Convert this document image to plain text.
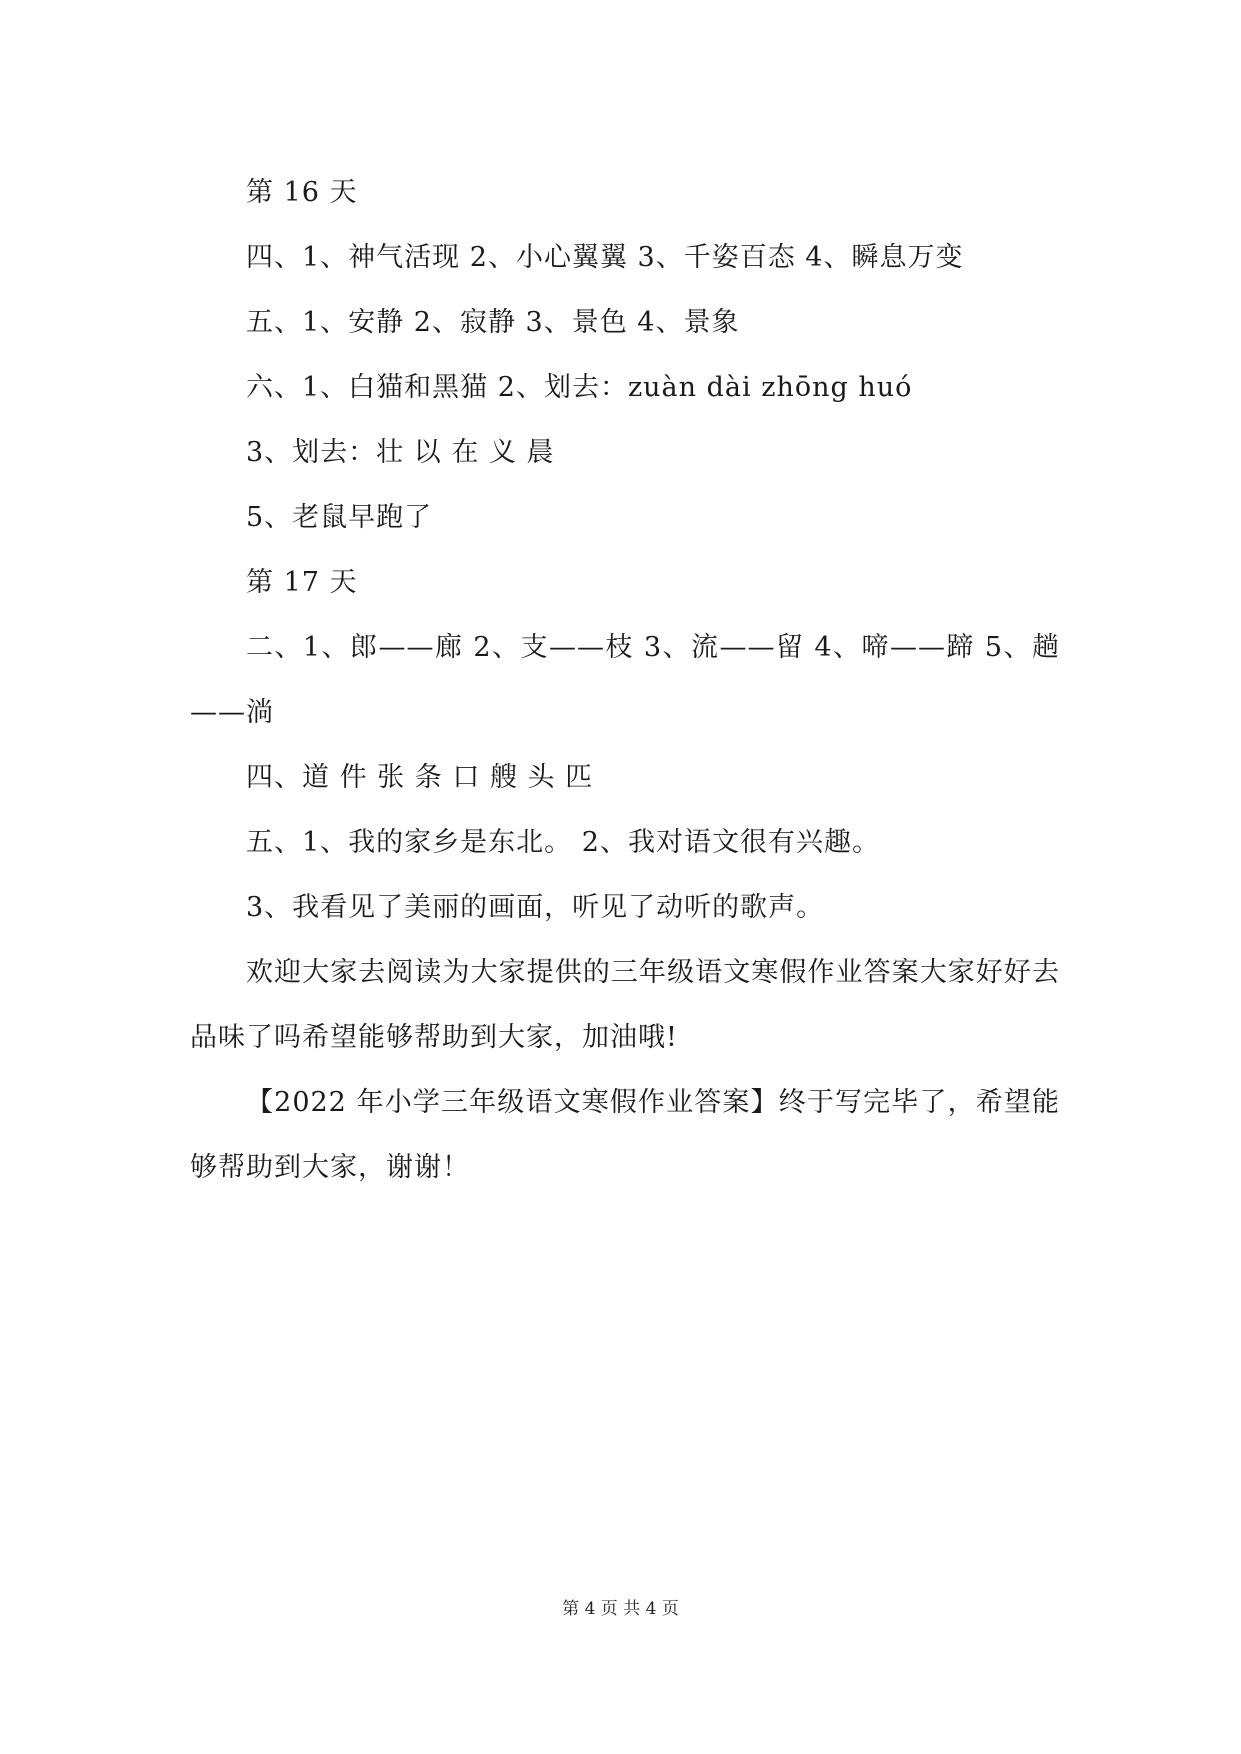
第 16 天

四、1、神气活现 2、小心翼翼 3、千姿百态 4、瞬息万变

五、1、安静 2、寂静 3、景色 4、景象

六、1、白猫和黑猫 2、划去：zuàn dài zhōng huó

3、划去：壮 以 在 义 晨

5、老鼠早跑了

第 17 天

二、1、郎——廊 2、支——枝 3、流——留 4、啼——蹄 5、趟——淌

四、道 件 张 条 口 艘 头 匹

五、1、我的家乡是东北。 2、我对语文很有兴趣。

3、我看见了美丽的画面，听见了动听的歌声。

欢迎大家去阅读为大家提供的三年级语文寒假作业答案大家好好去品味了吗希望能够帮助到大家，加油哦!

【2022 年小学三年级语文寒假作业答案】终于写完毕了，希望能够帮助到大家，谢谢！

第 4 页 共 4 页
